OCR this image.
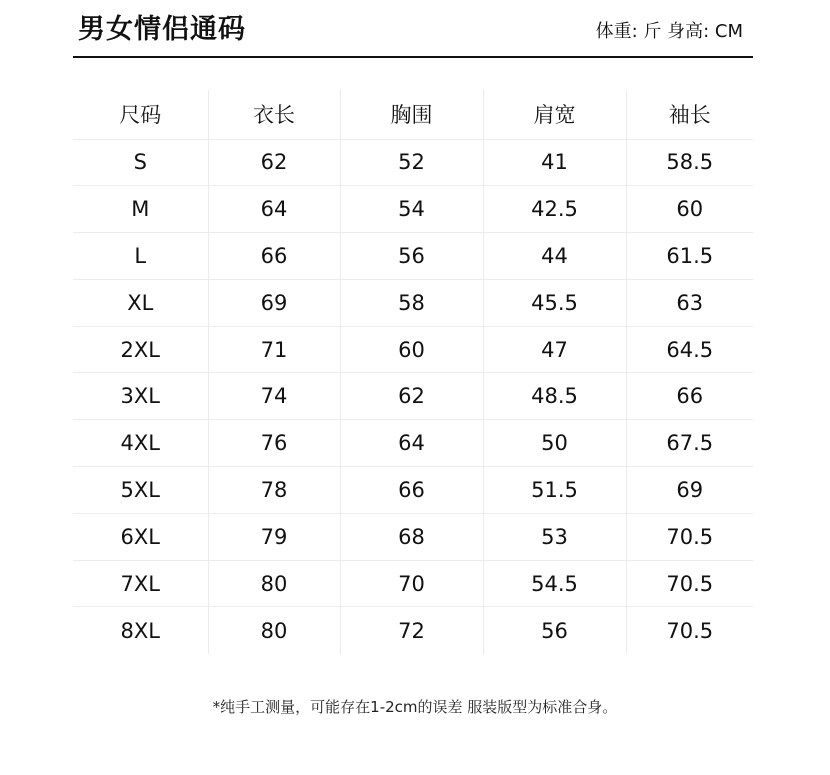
男女情侣通码	体重: 斤 身高: CM
尺码	衣长	胸围	肩宽	袖长
S	62	52	41	58.5
M	64	54	42.5	60
L	66	56	44	61.5
XL	69	58	45.5	63
2XL	71	60	47	64.5
3XL	74	62	48.5	66
4XL	76	64	50	67.5
5XL	78	66	51.5	69
6XL	79	68	53	70.5
7XL	80	70	54.5	70.5
8XL	80	72	56	70.5
*纯手工测量，可能存在1-2cm的误差 服装版型为标准合身。
